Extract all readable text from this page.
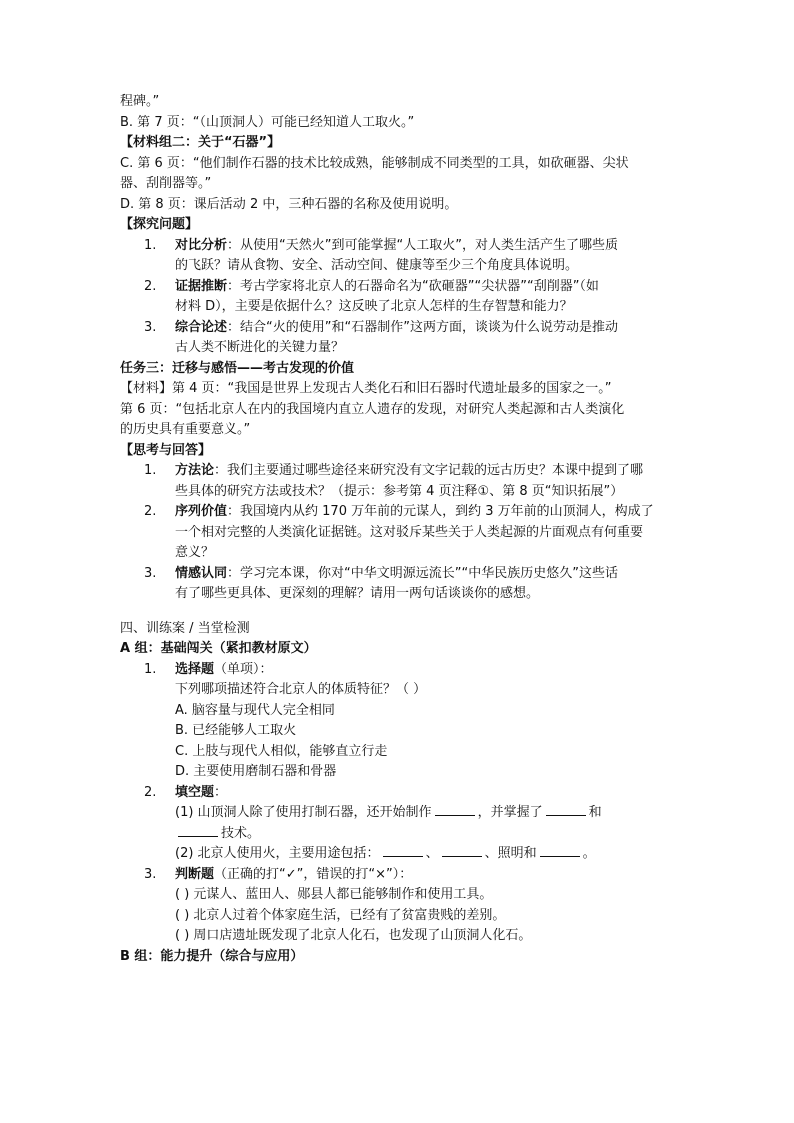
程碑。”
B. 第 7 页：“（山顶洞人）可能已经知道人工取火。”
【材料组二：关于“石器”】
C. 第 6 页：“他们制作石器的技术比较成熟，能够制成不同类型的工具，如砍砸器、尖状
器、刮削器等。”
D. 第 8 页：课后活动 2 中，三种石器的名称及使用说明。
【探究问题】
1. 对比分析：从使用“天然火”到可能掌握“人工取火”，对人类生活产生了哪些质
的飞跃？请从食物、安全、活动空间、健康等至少三个角度具体说明。
2. 证据推断：考古学家将北京人的石器命名为“砍砸器”“尖状器”“刮削器”（如
材料 D），主要是依据什么？这反映了北京人怎样的生存智慧和能力？
3. 综合论述：结合“火的使用”和“石器制作”这两方面，谈谈为什么说劳动是推动
古人类不断进化的关键力量？
任务三：迁移与感悟——考古发现的价值
【材料】第 4 页：“我国是世界上发现古人类化石和旧石器时代遗址最多的国家之一。”
第 6 页：“包括北京人在内的我国境内直立人遗存的发现，对研究人类起源和古人类演化
的历史具有重要意义。”
【思考与回答】
1. 方法论：我们主要通过哪些途径来研究没有文字记载的远古历史？本课中提到了哪
些具体的研究方法或技术？（提示：参考第 4 页注释①、第 8 页“知识拓展”）
2. 序列价值：我国境内从约 170 万年前的元谋人，到约 3 万年前的山顶洞人，构成了
一个相对完整的人类演化证据链。这对驳斥某些关于人类起源的片面观点有何重要
意义？
3. 情感认同：学习完本课，你对“中华文明源远流长”“中华民族历史悠久”这些话
有了哪些更具体、更深刻的理解？请用一两句话谈谈你的感想。
四、训练案 / 当堂检测
A 组：基础闯关（紧扣教材原文）
1. 选择题（单项）：
下列哪项描述符合北京人的体质特征？（ ）
A. 脑容量与现代人完全相同
B. 已经能够人工取火
C. 上肢与现代人相似，能够直立行走
D. 主要使用磨制石器和骨器
2. 填空题：
(1) 山顶洞人除了使用打制石器，还开始制作	，并掌握了	和
技术。
(2) 北京人使用火，主要用途包括：	、	、照明和	。
3. 判断题（正确的打“✓”，错误的打“×”）：
( ) 元谋人、蓝田人、郧县人都已能够制作和使用工具。
( ) 北京人过着个体家庭生活，已经有了贫富贵贱的差别。
( ) 周口店遗址既发现了北京人化石，也发现了山顶洞人化石。
B 组：能力提升（综合与应用）
